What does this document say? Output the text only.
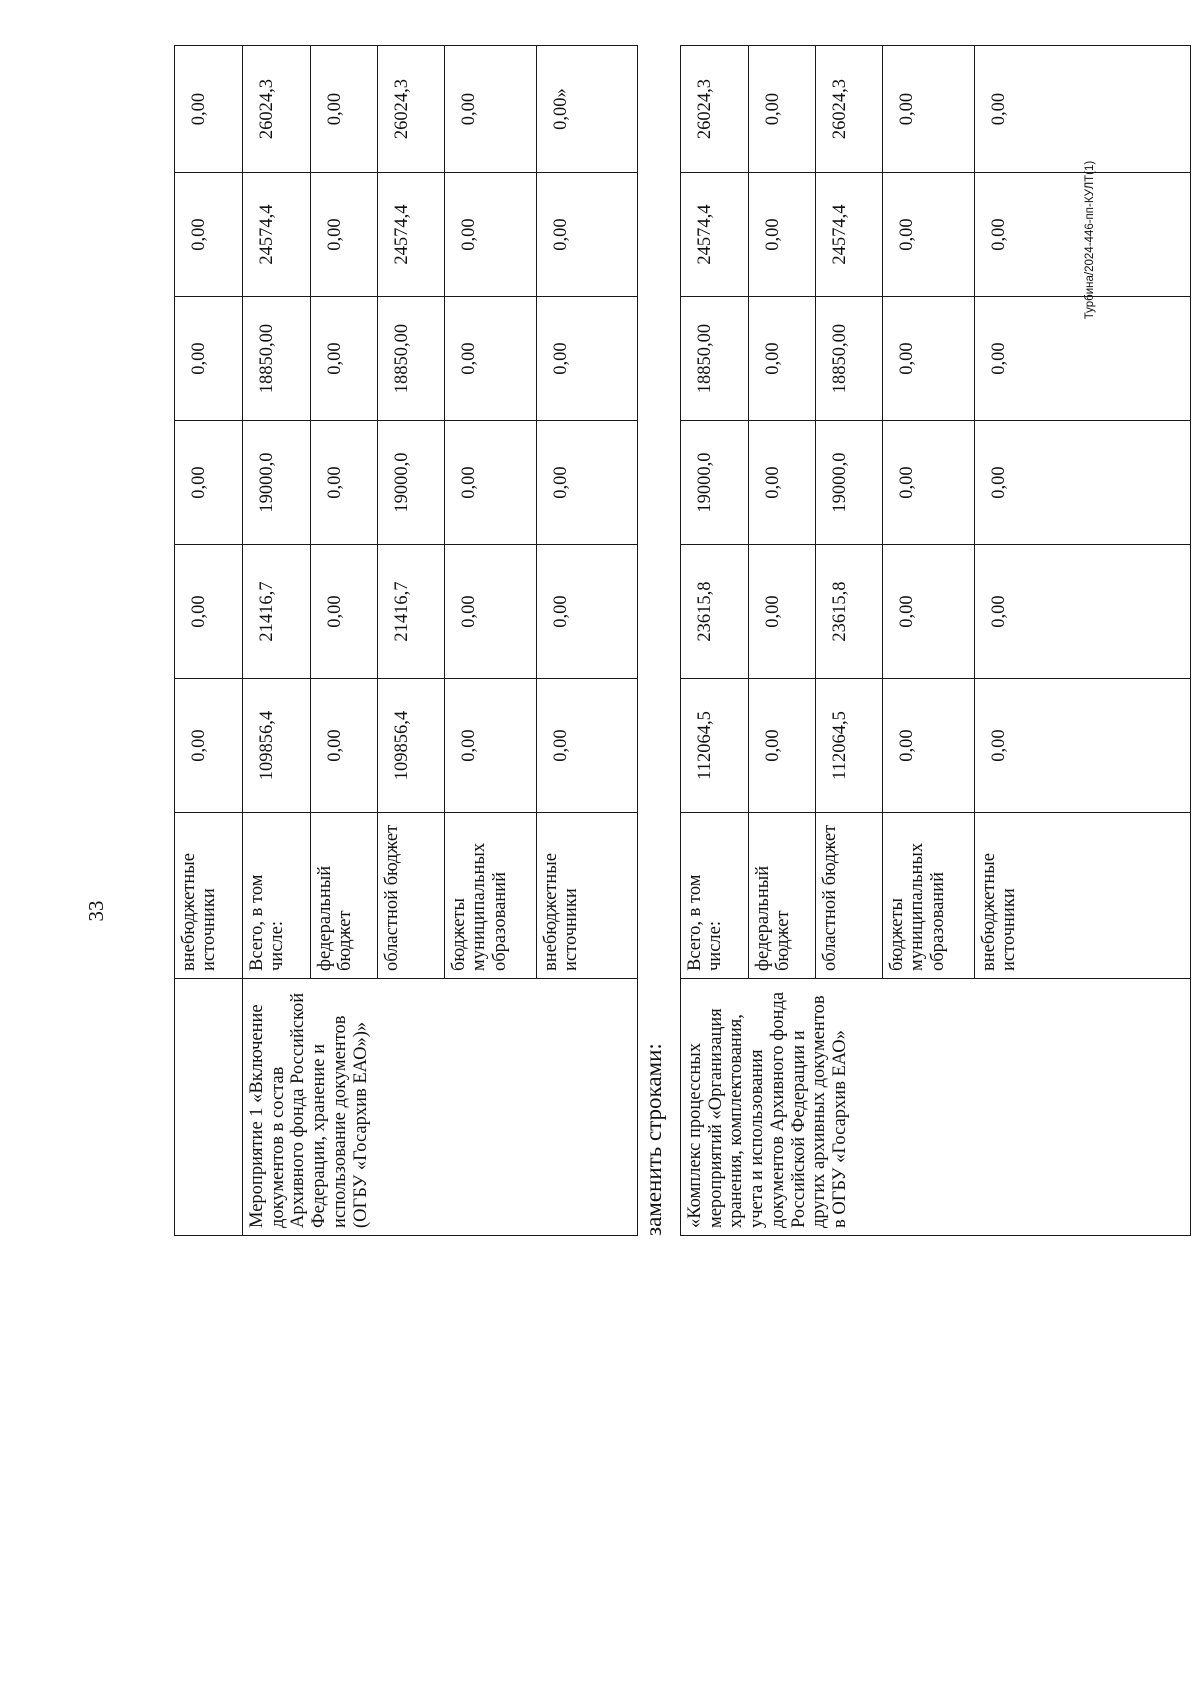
33
Турбина/2024-446-пп-КУЛТ(1)
	внебюджетные источники	0,00	0,00	0,00	0,00	0,00	0,00
Мероприятие 1 «Включение документов в состав Архивного фонда Российской Федерации, хранение и использование документов (ОГБУ «Госархив ЕАО»)»	Всего, в том числе:	109856,4	21416,7	19000,0	18850,00	24574,4	26024,3
	федеральный бюджет	0,00	0,00	0,00	0,00	0,00	0,00
	областной бюджет	109856,4	21416,7	19000,0	18850,00	24574,4	26024,3
	бюджеты муниципальных образований	0,00	0,00	0,00	0,00	0,00	0,00
	внебюджетные источники	0,00	0,00	0,00	0,00	0,00	0,00»
заменить строками:	«Комплекс процессных мероприятий «Организация хранения, комплектования, учета и использования документов Архивного фонда Российской Федерации и других архивных документов в ОГБУ «Госархив ЕАО»	Всего, в том числе:	112064,5	23615,8	19000,0	18850,00	24574,4	26024,3
	федеральный бюджет	0,00	0,00	0,00	0,00	0,00	0,00
	областной бюджет	112064,5	23615,8	19000,0	18850,00	24574,4	26024,3
	бюджеты муниципальных образований	0,00	0,00	0,00	0,00	0,00	0,00
	внебюджетные источники	0,00	0,00	0,00	0,00	0,00	0,00
